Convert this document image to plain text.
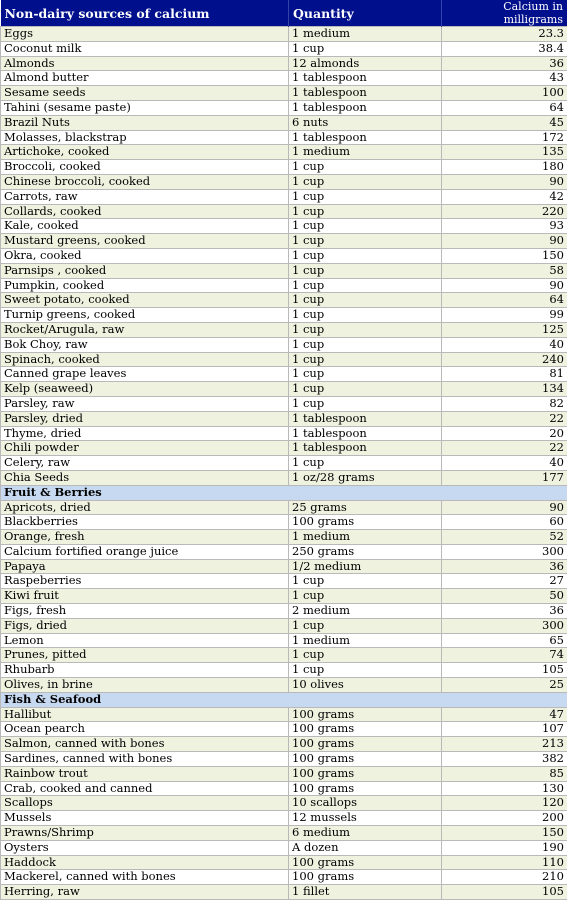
Non-dairy sources of calcium	Quantity	Calcium in milligrams
Eggs	1 medium	23.3
Coconut milk	1 cup	38.4
Almonds	12 almonds	36
Almond butter	1 tablespoon	43
Sesame seeds	1 tablespoon	100
Tahini (sesame paste)	1 tablespoon	64
Brazil Nuts	6 nuts	45
Molasses, blackstrap	1 tablespoon	172
Artichoke, cooked	1 medium	135
Broccoli, cooked	1 cup	180
Chinese broccoli, cooked	1 cup	90
Carrots, raw	1 cup	42
Collards, cooked	1 cup	220
Kale, cooked	1 cup	93
Mustard greens, cooked	1 cup	90
Okra, cooked	1 cup	150
Parnsips , cooked	1 cup	58
Pumpkin, cooked	1 cup	90
Sweet potato, cooked	1 cup	64
Turnip greens, cooked	1 cup	99
Rocket/Arugula, raw	1 cup	125
Bok Choy, raw	1 cup	40
Spinach, cooked	1 cup	240
Canned grape leaves	1 cup	81
Kelp (seaweed)	1 cup	134
Parsley, raw	1 cup	82
Parsley, dried	1 tablespoon	22
Thyme, dried	1 tablespoon	20
Chili powder	1 tablespoon	22
Celery, raw	1 cup	40
Chia Seeds	1 oz/28 grams	177
Fruit & Berries		
Apricots, dried	25 grams	90
Blackberries	100 grams	60
Orange, fresh	1 medium	52
Calcium fortified orange juice	250 grams	300
Papaya	1/2 medium	36
Raspeberries	1 cup	27
Kiwi fruit	1 cup	50
Figs, fresh	2 medium	36
Figs, dried	1 cup	300
Lemon	1 medium	65
Prunes, pitted	1 cup	74
Rhubarb	1 cup	105
Olives, in brine	10 olives	25
Fish & Seafood		
Hallibut	100 grams	47
Ocean pearch	100 grams	107
Salmon, canned with bones	100 grams	213
Sardines, canned with bones	100 grams	382
Rainbow trout	100 grams	85
Crab, cooked and canned	100 grams	130
Scallops	10 scallops	120
Mussels	12 mussels	200
Prawns/Shrimp	6 medium	150
Oysters	A dozen	190
Haddock	100 grams	110
Mackerel, canned with bones	100 grams	210
Herring, raw	1 fillet	105
